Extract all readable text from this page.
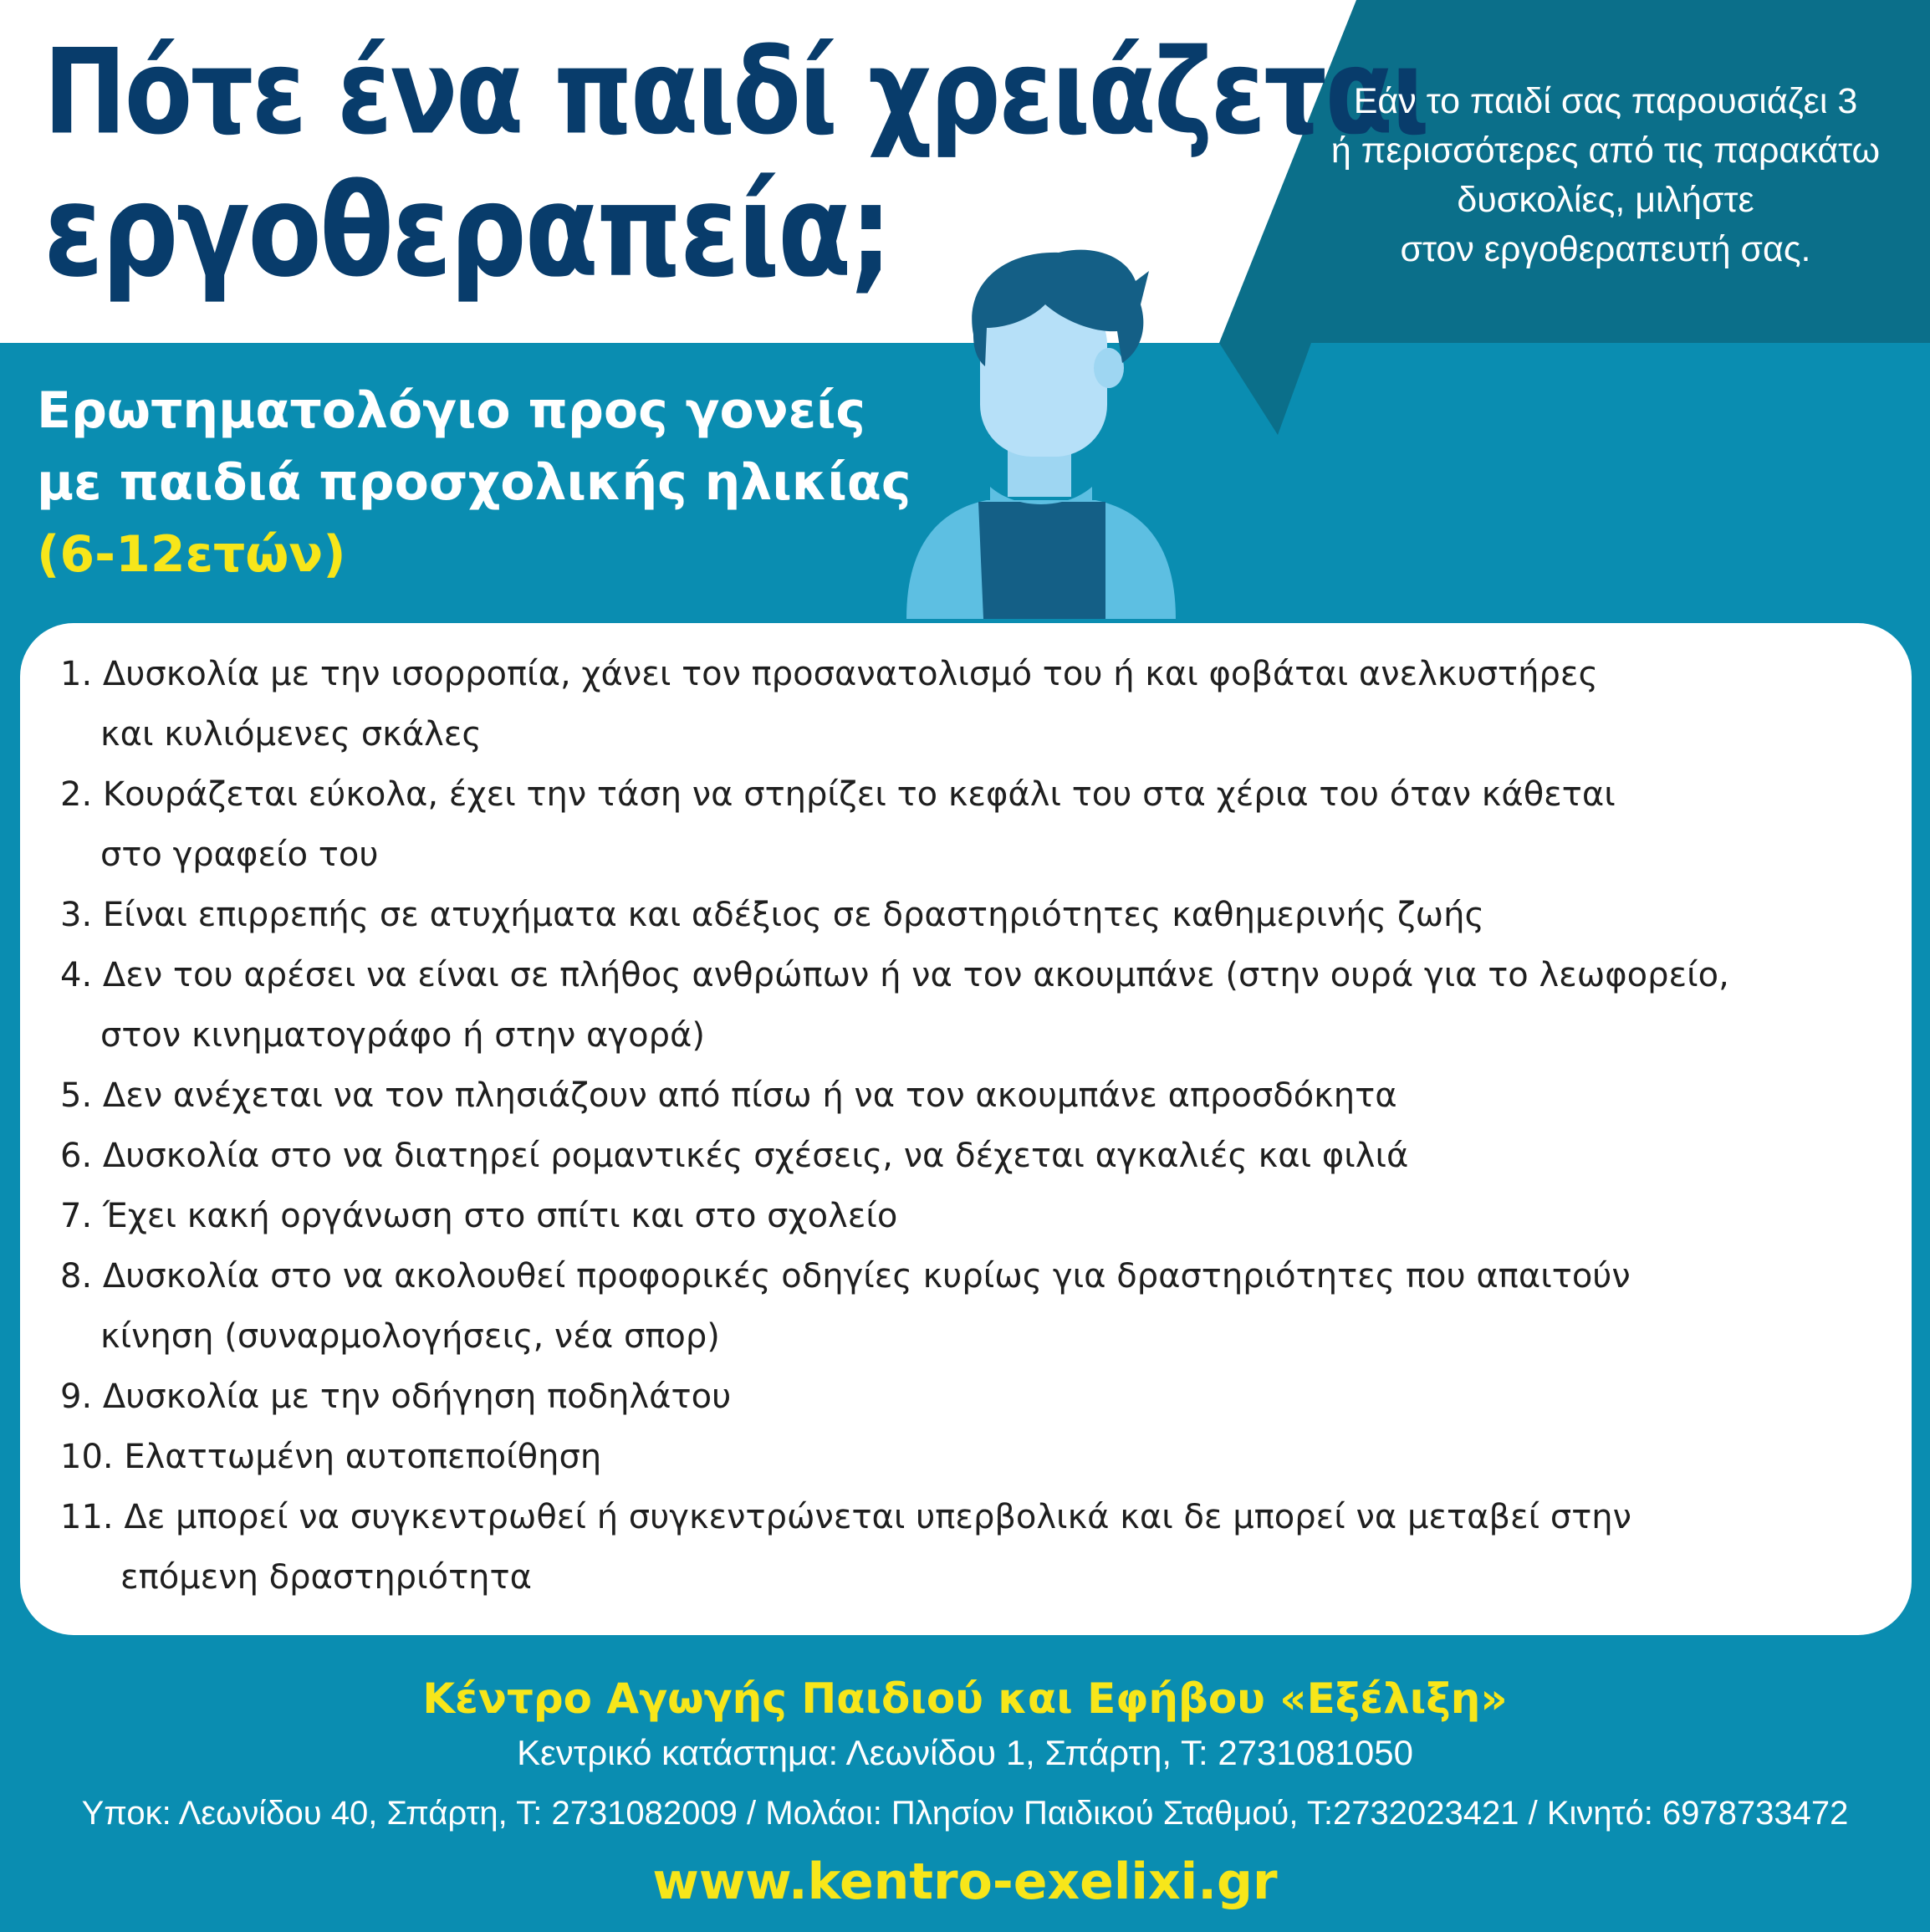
Πότε ένα παιδί χρειάζεται
εργοθεραπεία;
Εάν το παιδί σας παρουσιάζει 3
ή περισσότερες από τις παρακάτω
δυσκολίες, μιλήστε
στον εργοθεραπευτή σας.
Ερωτηματολόγιο προς γονείς
με παιδιά προσχολικής ηλικίας
(6-12ετών)
1. Δυσκολία με την ισορροπία, χάνει τον προσανατολισμό του ή και φοβάται ανελκυστήρες
και κυλιόμενες σκάλες
2. Κουράζεται εύκολα, έχει την τάση να στηρίζει το κεφάλι του στα χέρια του όταν κάθεται
στο γραφείο του
3. Είναι επιρρεπής σε ατυχήματα και αδέξιος σε δραστηριότητες καθημερινής ζωής
4. Δεν του αρέσει να είναι σε πλήθος ανθρώπων ή να τον ακουμπάνε (στην ουρά για το λεωφορείο,
στον κινηματογράφο ή στην αγορά)
5. Δεν ανέχεται να τον πλησιάζουν από πίσω ή να τον ακουμπάνε απροσδόκητα
6. Δυσκολία στο να διατηρεί ρομαντικές σχέσεις, να δέχεται αγκαλιές και φιλιά
7. Έχει κακή οργάνωση στο σπίτι και στο σχολείο
8. Δυσκολία στο να ακολουθεί προφορικές οδηγίες κυρίως για δραστηριότητες που απαιτούν
κίνηση (συναρμολογήσεις, νέα σπορ)
9. Δυσκολία με την οδήγηση ποδηλάτου
10. Ελαττωμένη αυτοπεποίθηση
11. Δε μπορεί να συγκεντρωθεί ή συγκεντρώνεται υπερβολικά και δε μπορεί να μεταβεί στην
επόμενη δραστηριότητα
Κέντρο Αγωγής Παιδιού και Εφήβου «Εξέλιξη»
Κεντρικό κατάστημα: Λεωνίδου 1, Σπάρτη, Τ: 2731081050
Υποκ: Λεωνίδου 40, Σπάρτη, Τ: 2731082009 / Μολάοι: Πλησίον Παιδικού Σταθμού, Τ:2732023421 / Κινητό: 6978733472
www.kentro-exelixi.gr
